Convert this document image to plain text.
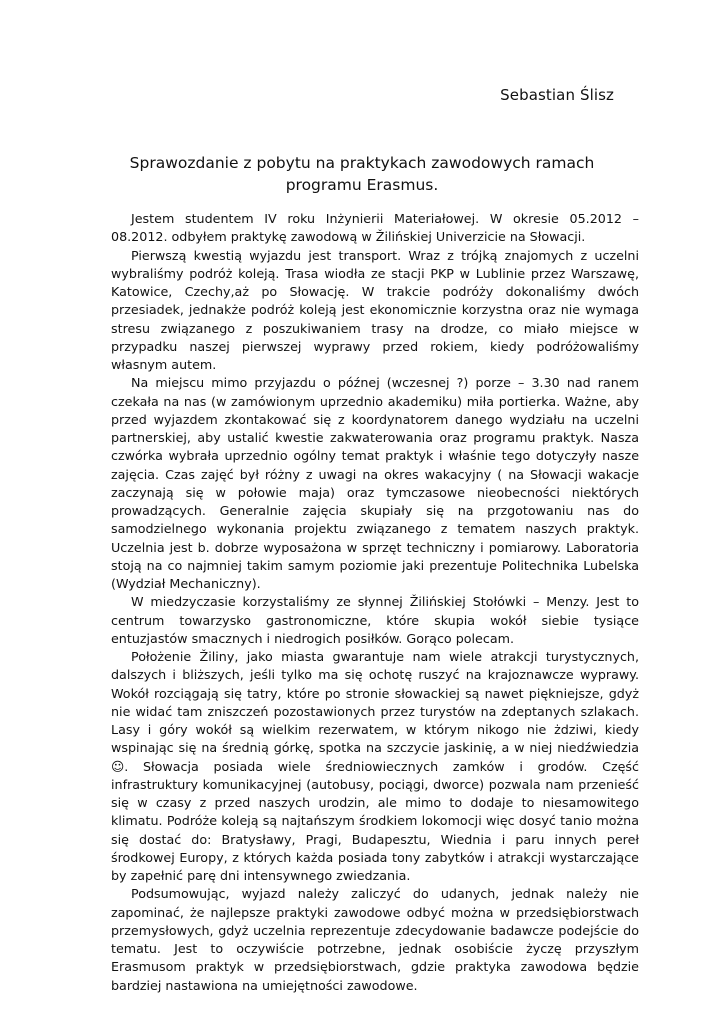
Sebastian Ślisz
Sprawozdanie z pobytu na praktykach zawodowych ramach programu Erasmus.

Jestem studentem IV roku Inżynierii Materiałowej. W okresie 05.2012 – 08.2012. odbyłem praktykę zawodową w Žilińskiej Univerzicie na Słowacji.

Pierwszą kwestią wyjazdu jest transport. Wraz z trójką znajomych z uczelni wybraliśmy podróż koleją. Trasa wiodła ze stacji PKP w Lublinie przez Warszawę, Katowice, Czechy,aż po Słowację. W trakcie podróży dokonaliśmy dwóch przesiadek, jednakże podróż koleją jest ekonomicznie korzystna oraz nie wymaga stresu związanego z poszukiwaniem trasy na drodze, co miało miejsce w przypadku naszej pierwszej wyprawy przed rokiem, kiedy podróżowaliśmy własnym autem.

Na miejscu mimo przyjazdu o późnej (wczesnej ?) porze – 3.30 nad ranem czekała na nas (w zamówionym uprzednio akademiku) miła portierka. Ważne, aby przed wyjazdem zkontakować się z koordynatorem danego wydziału na uczelni partnerskiej, aby ustalić kwestie zakwaterowania oraz programu praktyk. Nasza czwórka wybrała uprzednio ogólny temat praktyk i właśnie tego dotyczyły nasze zajęcia. Czas zajęć był różny z uwagi na okres wakacyjny ( na Słowacji wakacje zaczynają się w połowie maja) oraz tymczasowe nieobecności niektórych prowadzących. Generalnie zajęcia skupiały się na przgotowaniu nas do samodzielnego wykonania projektu związanego z tematem naszych praktyk. Uczelnia jest b. dobrze wyposażona w sprzęt techniczny i pomiarowy. Laboratoria stoją na co najmniej takim samym poziomie jaki prezentuje Politechnika Lubelska (Wydział Mechaniczny).

W miedzyczasie korzystaliśmy ze słynnej Žilińskiej Stołówki – Menzy. Jest to centrum towarzysko gastronomiczne, które skupia wokół siebie tysiące entuzjastów smacznych i niedrogich posiłków. Gorąco polecam.

Położenie Žiliny, jako miasta gwarantuje nam wiele atrakcji turystycznych, dalszych i bliższych, jeśli tylko ma się ochotę ruszyć na krajoznawcze wyprawy. Wokół rozciągają się tatry, które po stronie słowackiej są nawet piękniejsze, gdyż nie widać tam zniszczeń pozostawionych przez turystów na zdeptanych szlakach. Lasy i góry wokół są wielkim rezerwatem, w którym nikogo nie żdziwi, kiedy wspinając się na średnią górkę, spotka na szczycie jaskinię, a w niej niedźwiedzia ☺. Słowacja posiada wiele średniowiecznych zamków i grodów. Część infrastruktury komunikacyjnej (autobusy, pociągi, dworce) pozwala nam przenieść się w czasy z przed naszych urodzin, ale mimo to dodaje to niesamowitego klimatu. Podróże koleją są najtańszym środkiem lokomocji więc dosyć tanio można się dostać do: Bratysławy, Pragi, Budapesztu, Wiednia i paru innych pereł środkowej Europy, z których każda posiada tony zabytków i atrakcji wystarczające by zapełnić parę dni intensywnego zwiedzania.

Podsumowując, wyjazd należy zaliczyć do udanych, jednak należy nie zapominać, że najlepsze praktyki zawodowe odbyć można w przedsiębiorstwach przemysłowych, gdyż uczelnia reprezentuje zdecydowanie badawcze podejście do tematu. Jest to oczywiście potrzebne, jednak osobiście życzę przyszłym Erasmusom praktyk w przedsiębiorstwach, gdzie praktyka zawodowa będzie bardziej nastawiona na umiejętności zawodowe.
